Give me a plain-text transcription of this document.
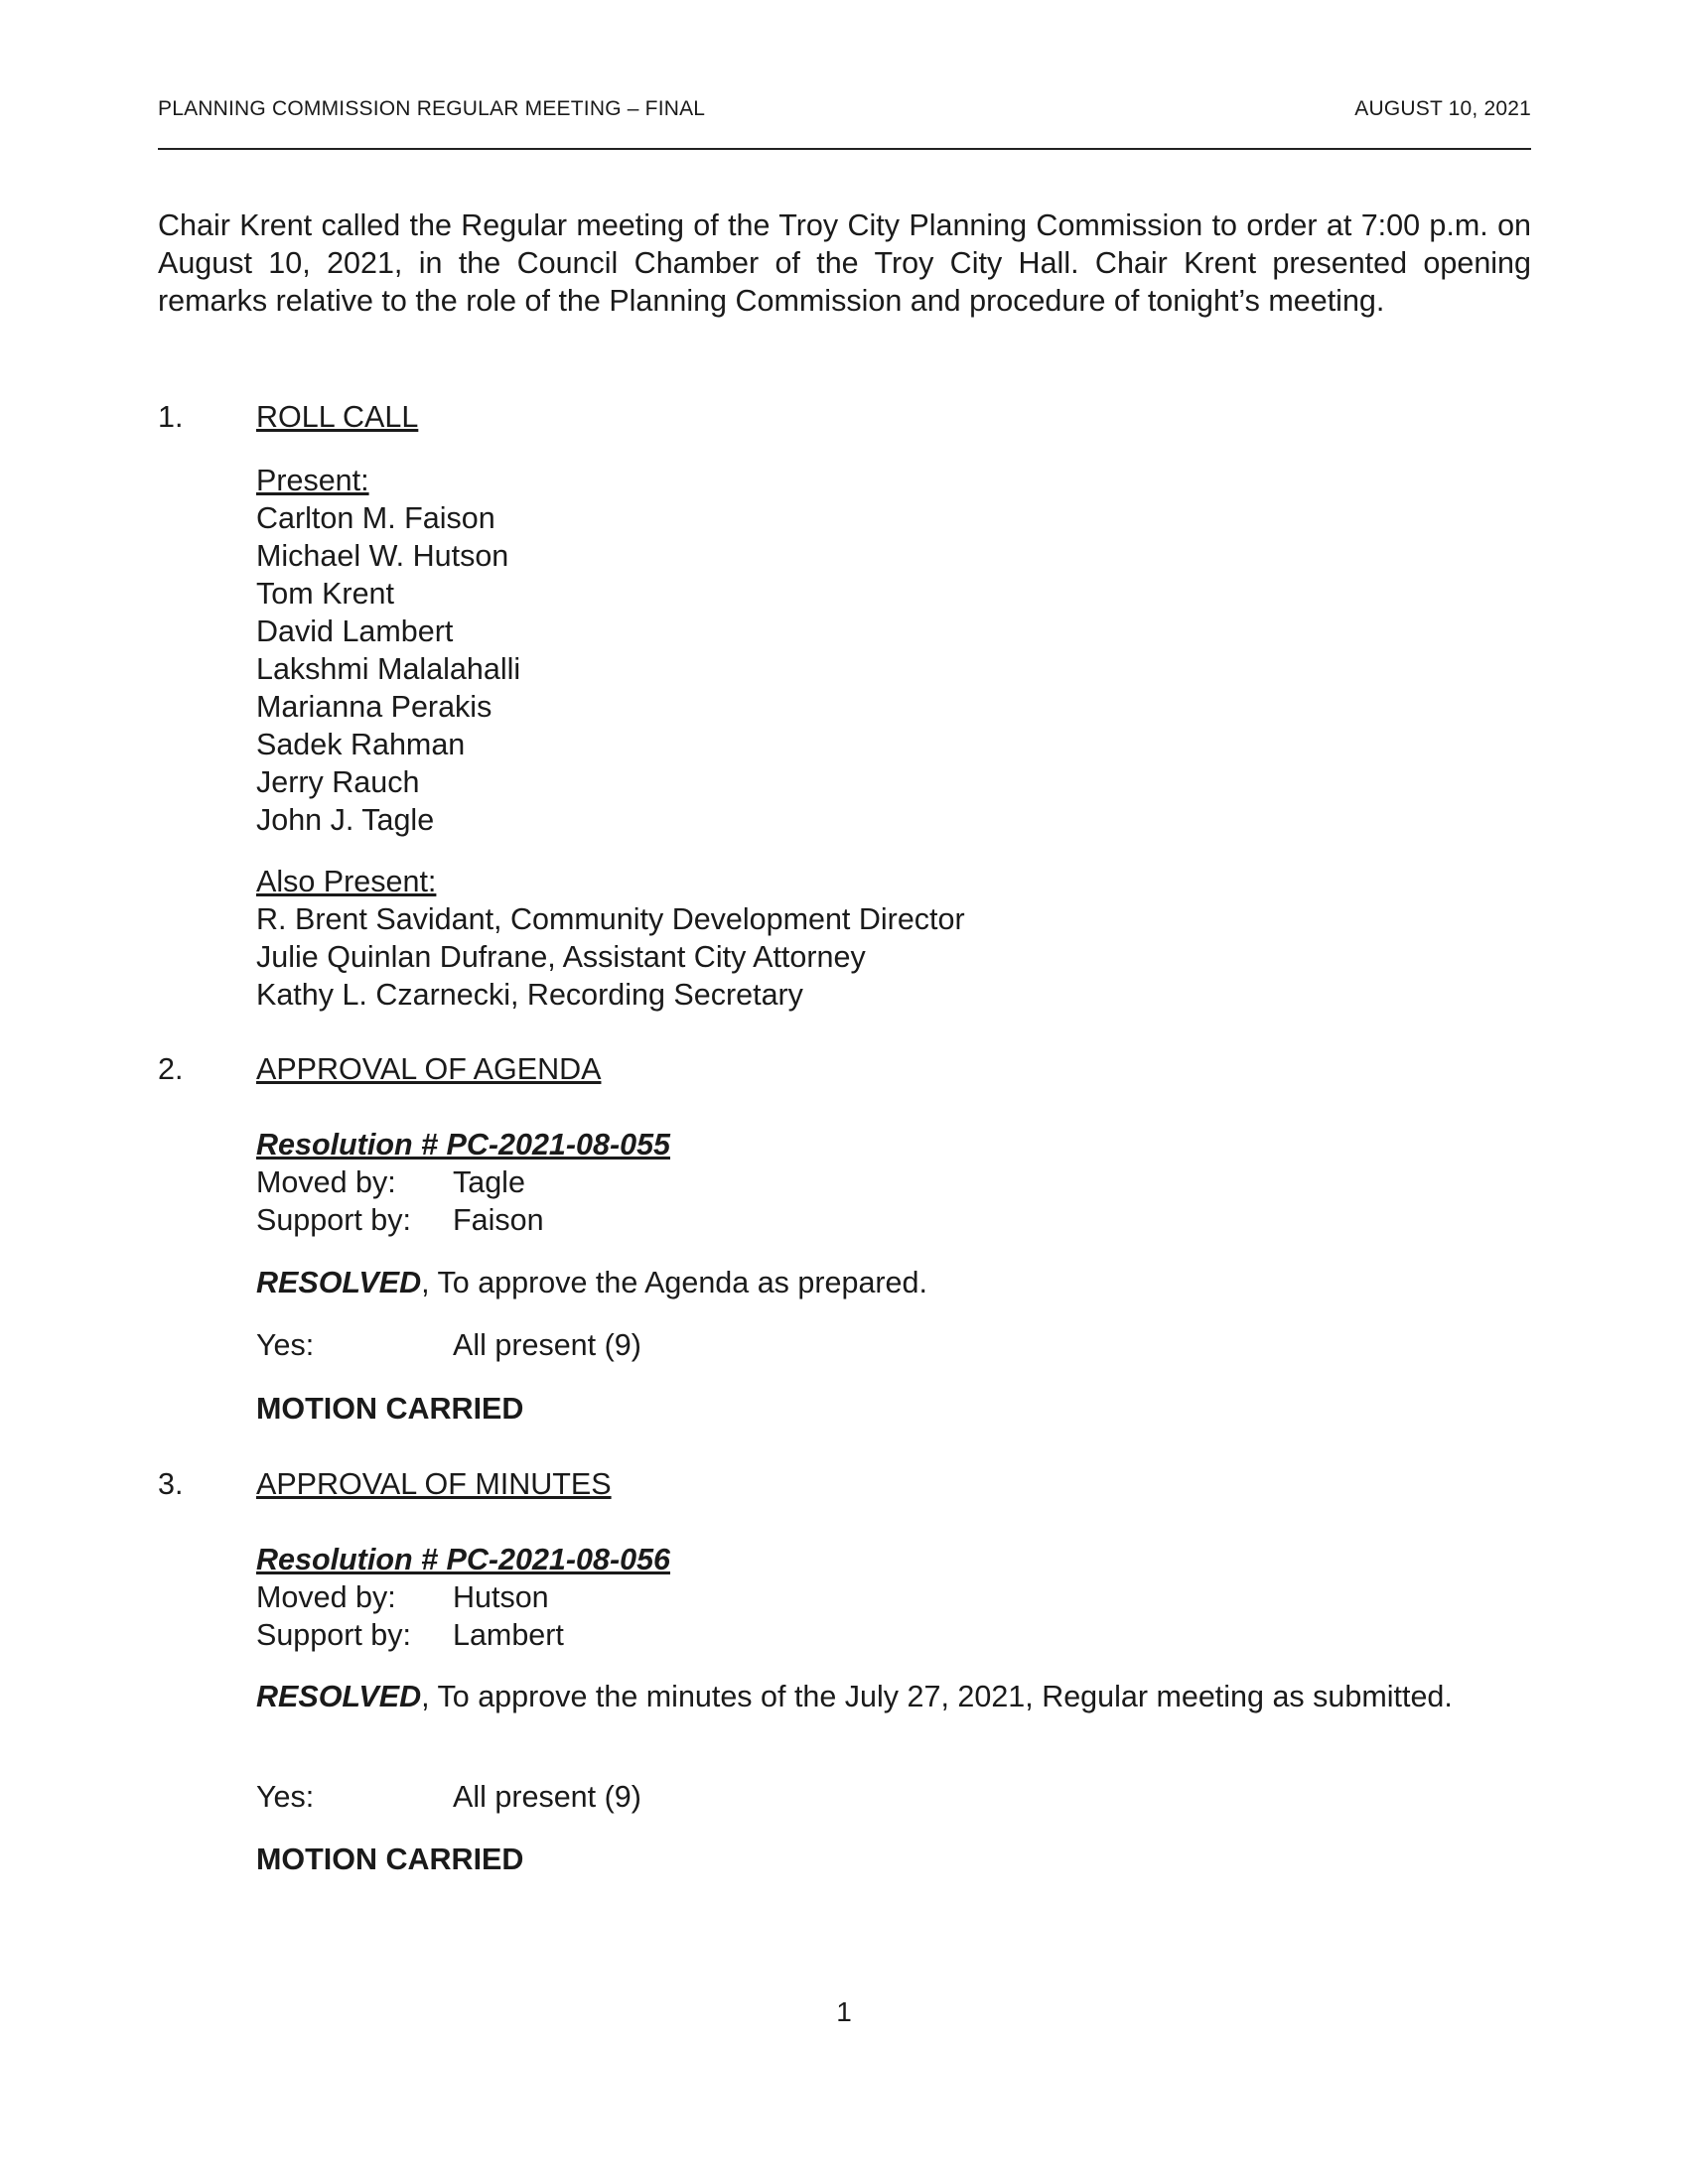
PLANNING COMMISSION REGULAR MEETING – FINAL	AUGUST 10, 2021
Chair Krent called the Regular meeting of the Troy City Planning Commission to order at 7:00 p.m. on August 10, 2021, in the Council Chamber of the Troy City Hall. Chair Krent presented opening remarks relative to the role of the Planning Commission and procedure of tonight’s meeting.
1. ROLL CALL
Present:
Carlton M. Faison
Michael W. Hutson
Tom Krent
David Lambert
Lakshmi Malalahalli
Marianna Perakis
Sadek Rahman
Jerry Rauch
John J. Tagle
Also Present:
R. Brent Savidant, Community Development Director
Julie Quinlan Dufrane, Assistant City Attorney
Kathy L. Czarnecki, Recording Secretary
2. APPROVAL OF AGENDA
Resolution # PC-2021-08-055
Moved by: Tagle
Support by: Faison
RESOLVED, To approve the Agenda as prepared.
Yes:	All present (9)
MOTION CARRIED
3. APPROVAL OF MINUTES
Resolution # PC-2021-08-056
Moved by: Hutson
Support by: Lambert
RESOLVED, To approve the minutes of the July 27, 2021, Regular meeting as submitted.
Yes:	All present (9)
MOTION CARRIED
1
